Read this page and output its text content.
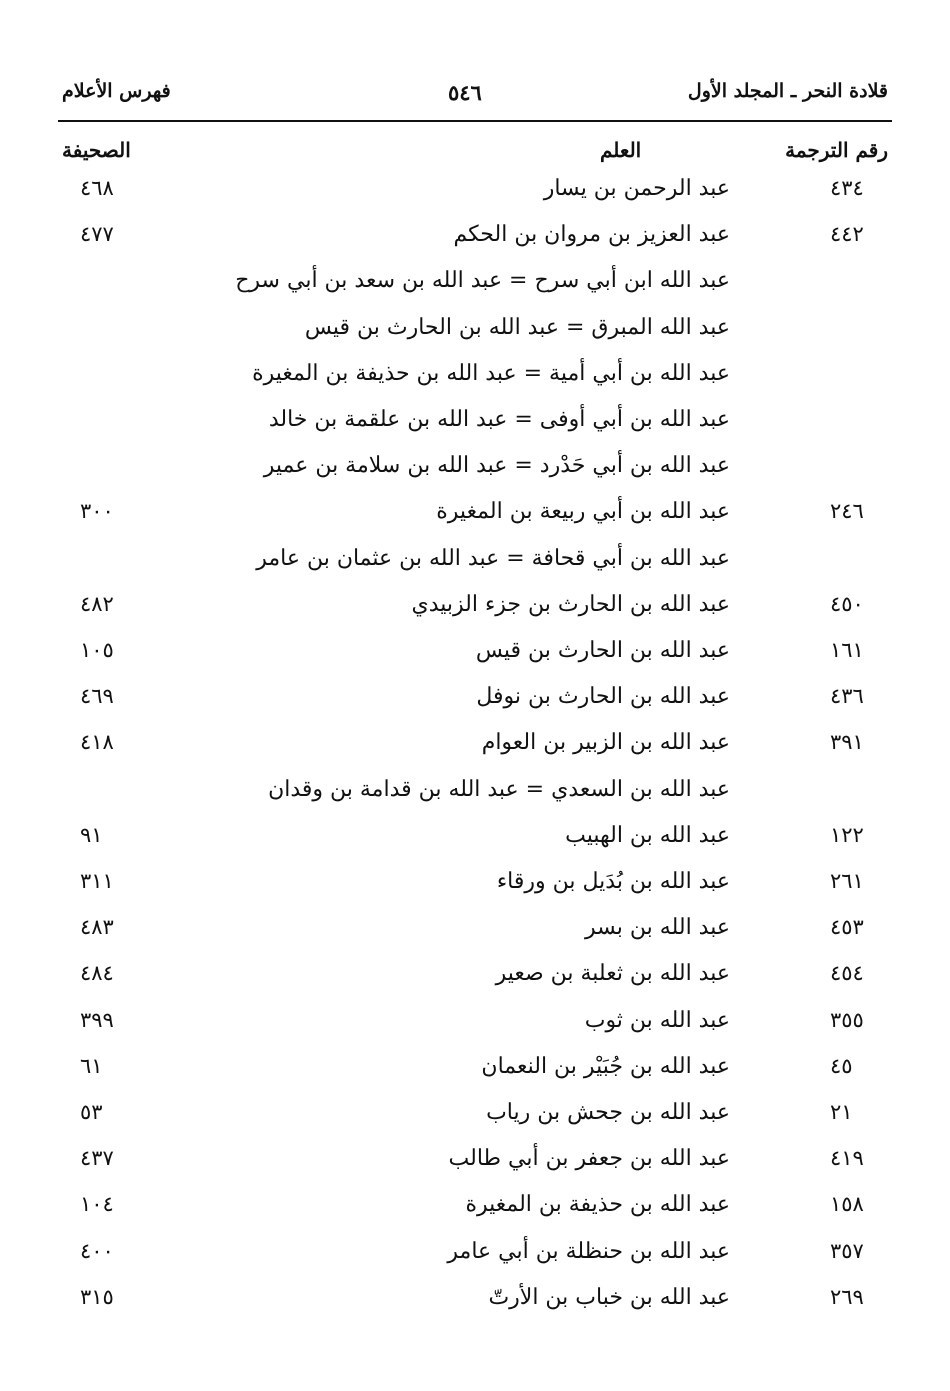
قلادة النحر ـ المجلد الأول
٥٤٦
فهرس الأعلام
رقم الترجمة
العلم
الصحيفة
٤٣٤
عبد الرحمن بن يسار
٤٦٨
٤٤٢
عبد العزيز بن مروان بن الحكم
٤٧٧
عبد الله ابن أبي سرح = عبد الله بن سعد بن أبي سرح
عبد الله المبرق = عبد الله بن الحارث بن قيس
عبد الله بن أبي أمية = عبد الله بن حذيفة بن المغيرة
عبد الله بن أبي أوفى = عبد الله بن علقمة بن خالد
عبد الله بن أبي حَدْرد = عبد الله بن سلامة بن عمير
٢٤٦
عبد الله بن أبي ربيعة بن المغيرة
٣٠٠
عبد الله بن أبي قحافة = عبد الله بن عثمان بن عامر
٤٥٠
عبد الله بن الحارث بن جزء الزبيدي
٤٨٢
١٦١
عبد الله بن الحارث بن قيس
١٠٥
٤٣٦
عبد الله بن الحارث بن نوفل
٤٦٩
٣٩١
عبد الله بن الزبير بن العوام
٤١٨
عبد الله بن السعدي = عبد الله بن قدامة بن وقدان
١٢٢
عبد الله بن الهبيب
٩١
٢٦١
عبد الله بن بُدَيل بن ورقاء
٣١١
٤٥٣
عبد الله بن بسر
٤٨٣
٤٥٤
عبد الله بن ثعلبة بن صعير
٤٨٤
٣٥٥
عبد الله بن ثوب
٣٩٩
٤٥
عبد الله بن جُبَيْر بن النعمان
٦١
٢١
عبد الله بن جحش بن رياب
٥٣
٤١٩
عبد الله بن جعفر بن أبي طالب
٤٣٧
١٥٨
عبد الله بن حذيفة بن المغيرة
١٠٤
٣٥٧
عبد الله بن حنظلة بن أبي عامر
٤٠٠
٢٦٩
عبد الله بن خباب بن الأرتّ
٣١٥
